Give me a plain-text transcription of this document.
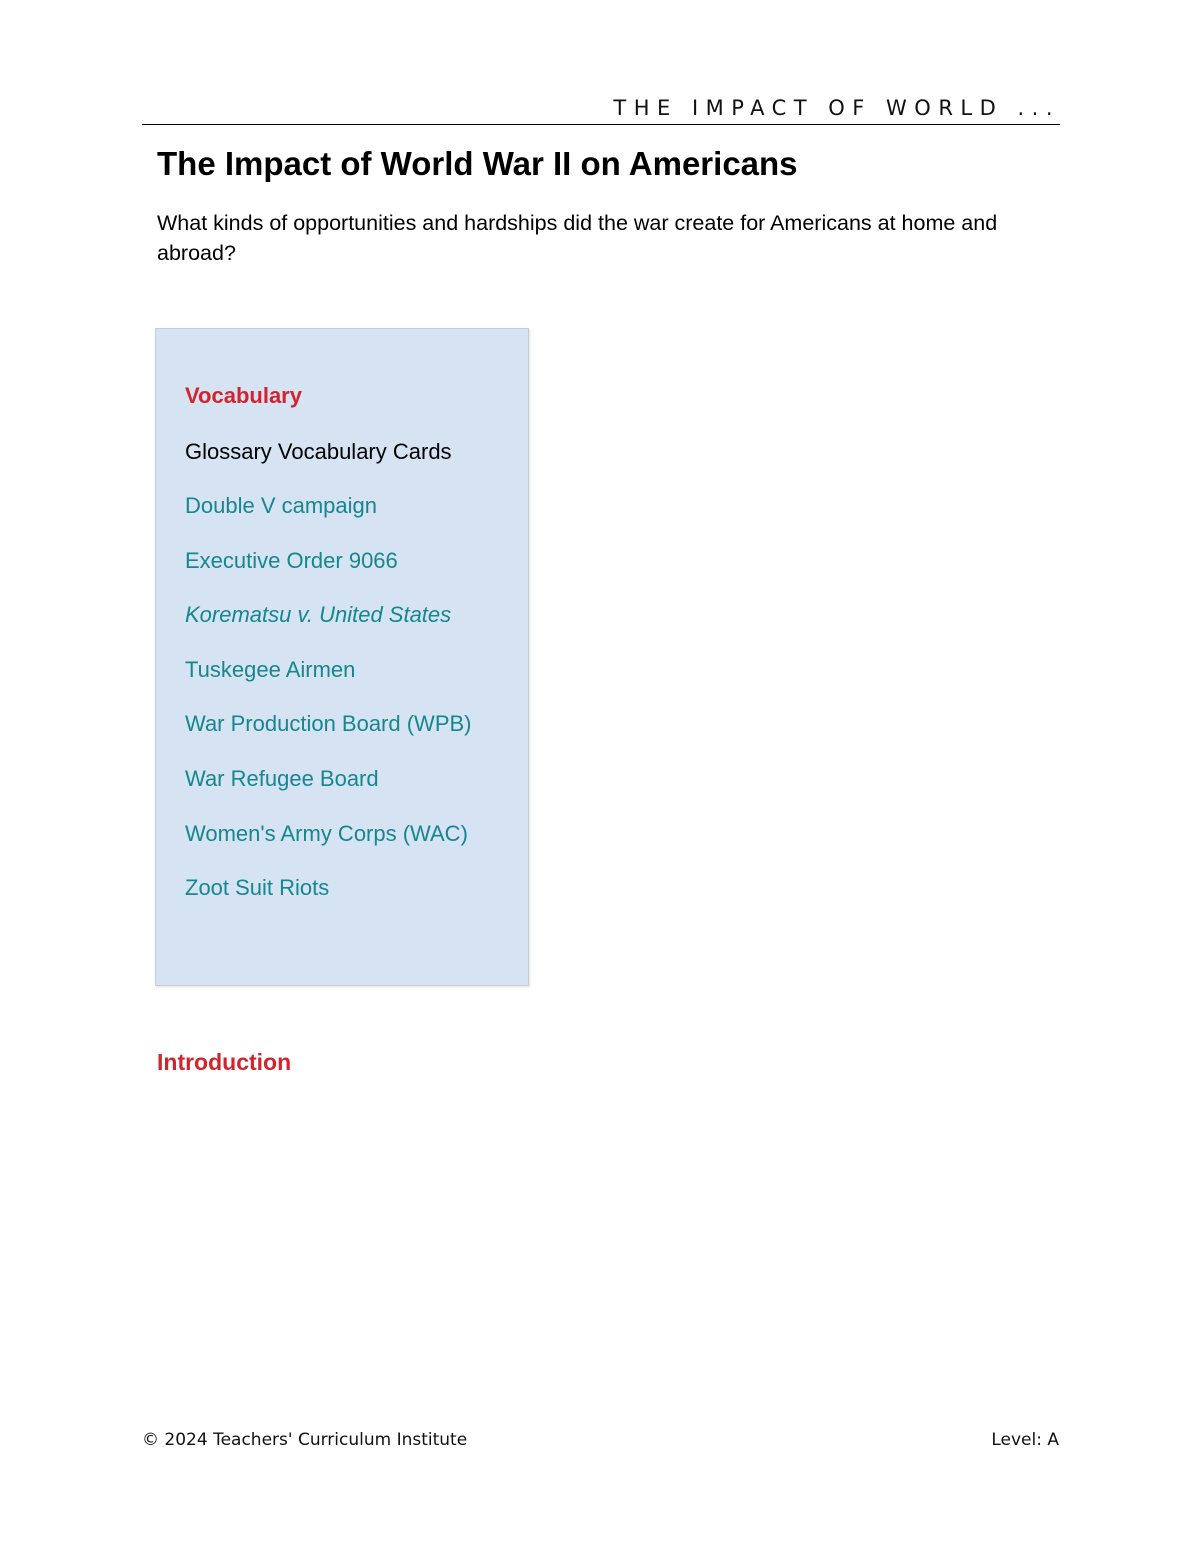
THE IMPACT OF WORLD ...
The Impact of World War II on Americans

What kinds of opportunities and hardships did the war create for Americans at home and abroad?

Vocabulary
Glossary Vocabulary Cards
Double V campaign
Executive Order 9066
Korematsu v. United States
Tuskegee Airmen
War Production Board (WPB)
War Refugee Board
Women's Army Corps (WAC)
Zoot Suit Riots
Introduction
© 2024 Teachers' Curriculum Institute	Level: A
